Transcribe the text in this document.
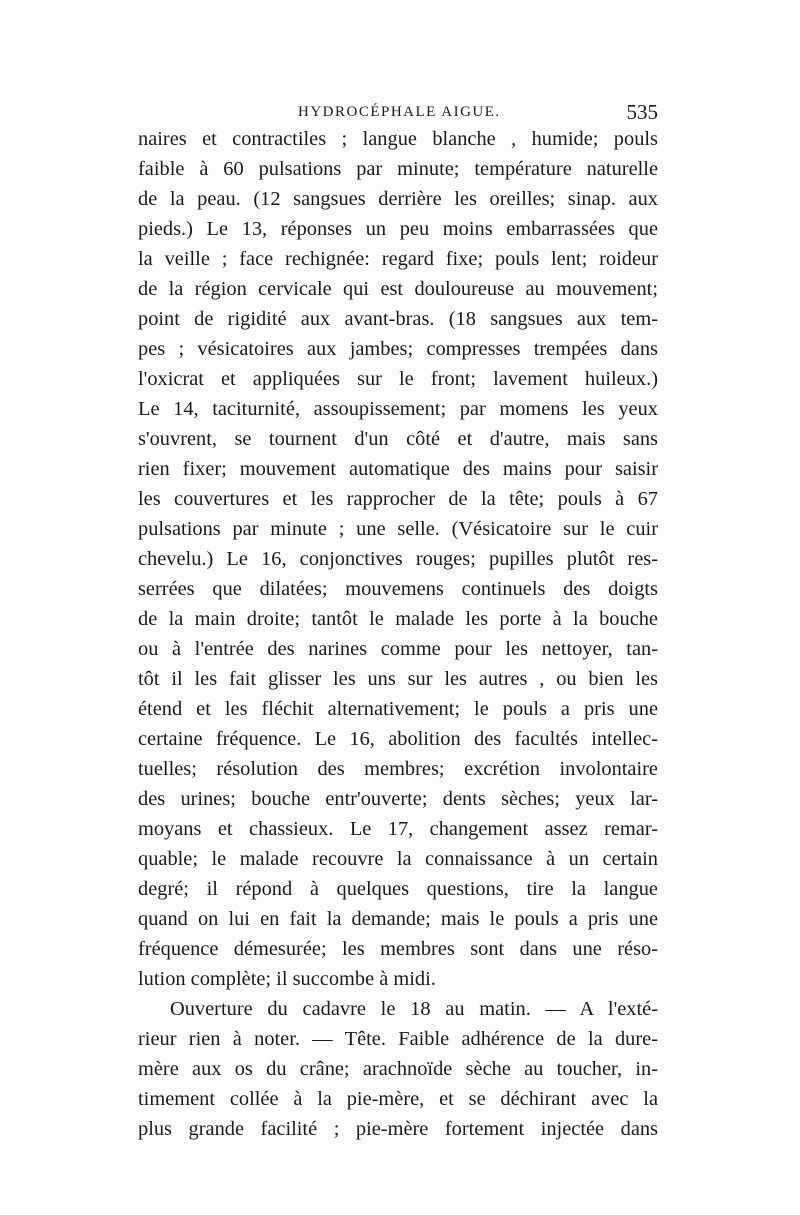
HYDROCÉPHALE AIGUE.	535
naires et contractiles ; langue blanche , humide; pouls
faible à 60 pulsations par minute; température naturelle
de la peau. (12 sangsues derrière les oreilles; sinap. aux
pieds.) Le 13, réponses un peu moins embarrassées que
la veille ; face rechignée: regard fixe; pouls lent; roideur
de la région cervicale qui est douloureuse au mouvement;
point de rigidité aux avant-bras. (18 sangsues aux tem-
pes ; vésicatoires aux jambes; compresses trempées dans
l'oxicrat et appliquées sur le front; lavement huileux.)
Le 14, taciturnité, assoupissement; par momens les yeux
s'ouvrent, se tournent d'un côté et d'autre, mais sans
rien fixer; mouvement automatique des mains pour saisir
les couvertures et les rapprocher de la tête; pouls à 67
pulsations par minute ; une selle. (Vésicatoire sur le cuir
chevelu.) Le 16, conjonctives rouges; pupilles plutôt res-
serrées que dilatées; mouvemens continuels des doigts
de la main droite; tantôt le malade les porte à la bouche
ou à l'entrée des narines comme pour les nettoyer, tan-
tôt il les fait glisser les uns sur les autres , ou bien les
étend et les fléchit alternativement; le pouls a pris une
certaine fréquence. Le 16, abolition des facultés intellec-
tuelles; résolution des membres; excrétion involontaire
des urines; bouche entr'ouverte; dents sèches; yeux lar-
moyans et chassieux. Le 17, changement assez remar-
quable; le malade recouvre la connaissance à un certain
degré; il répond à quelques questions, tire la langue
quand on lui en fait la demande; mais le pouls a pris une
fréquence démesurée; les membres sont dans une réso-
lution complète; il succombe à midi.
Ouverture du cadavre le 18 au matin. — A l'exté-
rieur rien à noter. — Tête. Faible adhérence de la dure-
mère aux os du crâne; arachnoïde sèche au toucher, in-
timement collée à la pie-mère, et se déchirant avec la
plus grande facilité ; pie-mère fortement injectée dans
